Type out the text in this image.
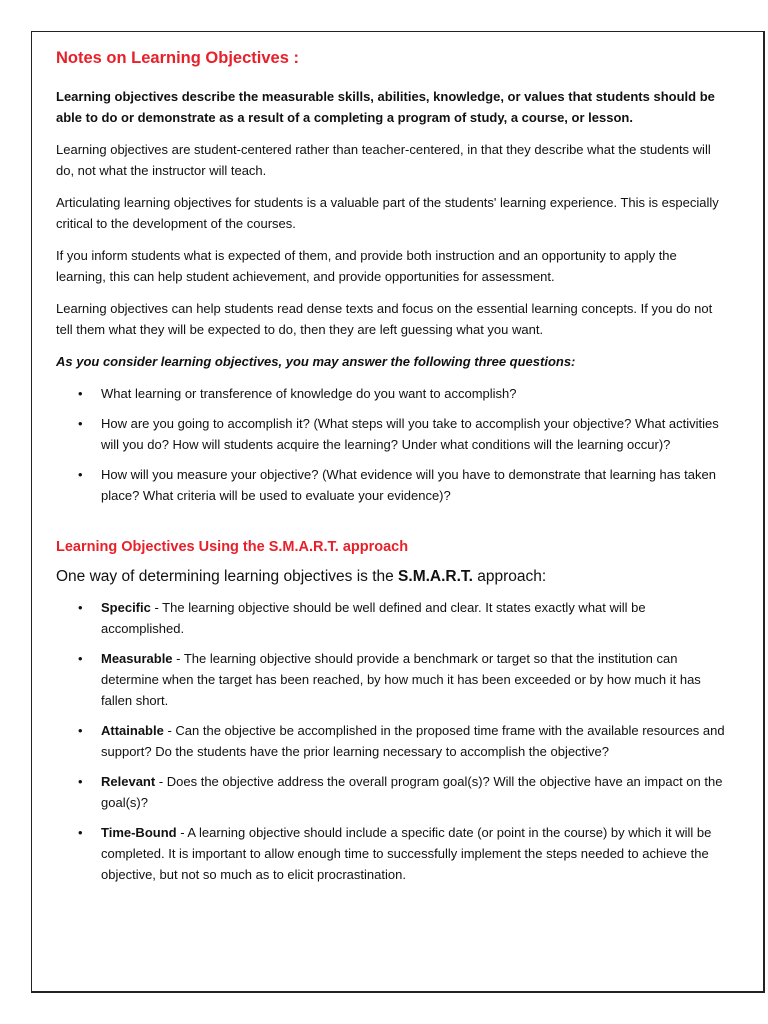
Notes on Learning Objectives :

Learning objectives describe the measurable skills, abilities, knowledge, or values that students should be able to do or demonstrate as a result of a completing a program of study, a course, or lesson.

Learning objectives are student-centered rather than teacher-centered, in that they describe what the students will do, not what the instructor will teach.

Articulating learning objectives for students is a valuable part of the students' learning experience. This is especially critical to the development of the courses.

If you inform students what is expected of them, and provide both instruction and an opportunity to apply the learning, this can help student achievement, and provide opportunities for assessment.

Learning objectives can help students read dense texts and focus on the essential learning concepts. If you do not tell them what they will be expected to do, then they are left guessing what you want.

As you consider learning objectives, you may answer the following three questions:

• What learning or transference of knowledge do you want to accomplish?
• How are you going to accomplish it? (What steps will you take to accomplish your objective? What activities will you do? How will students acquire the learning? Under what conditions will the learning occur)?
• How will you measure your objective? (What evidence will you have to demonstrate that learning has taken place? What criteria will be used to evaluate your evidence)?
Learning Objectives Using the S.M.A.R.T. approach
One way of determining learning objectives is the S.M.A.R.T. approach:
• Specific - The learning objective should be well defined and clear. It states exactly what will be accomplished.
• Measurable - The learning objective should provide a benchmark or target so that the institution can determine when the target has been reached, by how much it has been exceeded or by how much it has fallen short.
• Attainable - Can the objective be accomplished in the proposed time frame with the available resources and support? Do the students have the prior learning necessary to accomplish the objective?
• Relevant - Does the objective address the overall program goal(s)? Will the objective have an impact on the goal(s)?
• Time-Bound - A learning objective should include a specific date (or point in the course) by which it will be completed. It is important to allow enough time to successfully implement the steps needed to achieve the objective, but not so much as to elicit procrastination.
